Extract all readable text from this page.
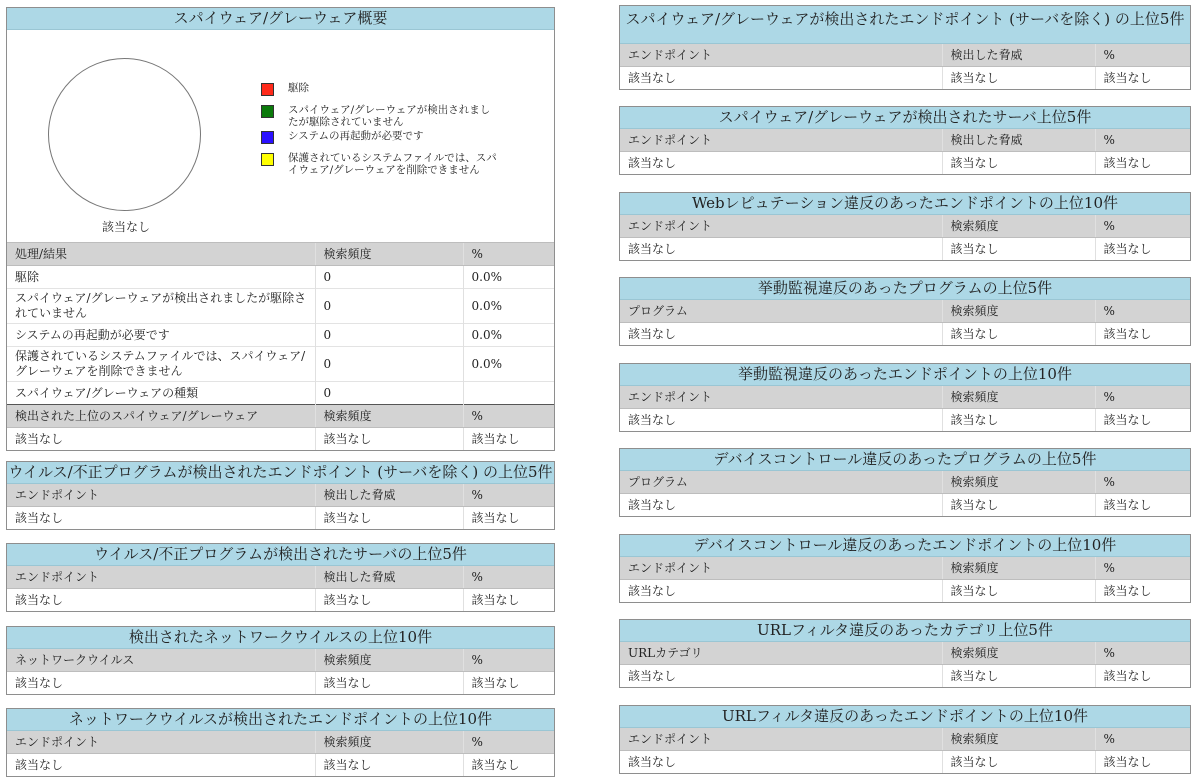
スパイウェア/グレーウェア概要
該当なし
駆除
スパイウェア/グレーウェアが検出されましたが駆除されていません
システムの再起動が必要です
保護されているシステムファイルでは、スパイウェア/グレーウェアを削除できません
処理/結果	検索頻度	%
駆除	0	0.0%
スパイウェア/グレーウェアが検出されましたが駆除されていません	0	0.0%
システムの再起動が必要です	0	0.0%
保護されているシステムファイルでは、スパイウェア/グレーウェアを削除できません	0	0.0%
スパイウェア/グレーウェアの種類	0	
検出された上位のスパイウェア/グレーウェア	検索頻度	%
該当なし	該当なし	該当なし
ウイルス/不正プログラムが検出されたエンドポイント (サーバを除く) の上位5件
エンドポイント	検出した脅威	%
該当なし	該当なし	該当なし
ウイルス/不正プログラムが検出されたサーバの上位5件
エンドポイント	検出した脅威	%
該当なし	該当なし	該当なし
検出されたネットワークウイルスの上位10件
ネットワークウイルス	検索頻度	%
該当なし	該当なし	該当なし
ネットワークウイルスが検出されたエンドポイントの上位10件
エンドポイント	検索頻度	%
該当なし	該当なし	該当なし
スパイウェア/グレーウェアが検出されたエンドポイント (サーバを除く) の上位5件
エンドポイント	検出した脅威	%
該当なし	該当なし	該当なし
スパイウェア/グレーウェアが検出されたサーバ上位5件
エンドポイント	検出した脅威	%
該当なし	該当なし	該当なし
Webレピュテーション違反のあったエンドポイントの上位10件
エンドポイント	検索頻度	%
該当なし	該当なし	該当なし
挙動監視違反のあったプログラムの上位5件
プログラム	検索頻度	%
該当なし	該当なし	該当なし
挙動監視違反のあったエンドポイントの上位10件
エンドポイント	検索頻度	%
該当なし	該当なし	該当なし
デバイスコントロール違反のあったプログラムの上位5件
プログラム	検索頻度	%
該当なし	該当なし	該当なし
デバイスコントロール違反のあったエンドポイントの上位10件
エンドポイント	検索頻度	%
該当なし	該当なし	該当なし
URLフィルタ違反のあったカテゴリ上位5件
URLカテゴリ	検索頻度	%
該当なし	該当なし	該当なし
URLフィルタ違反のあったエンドポイントの上位10件
エンドポイント	検索頻度	%
該当なし	該当なし	該当なし
